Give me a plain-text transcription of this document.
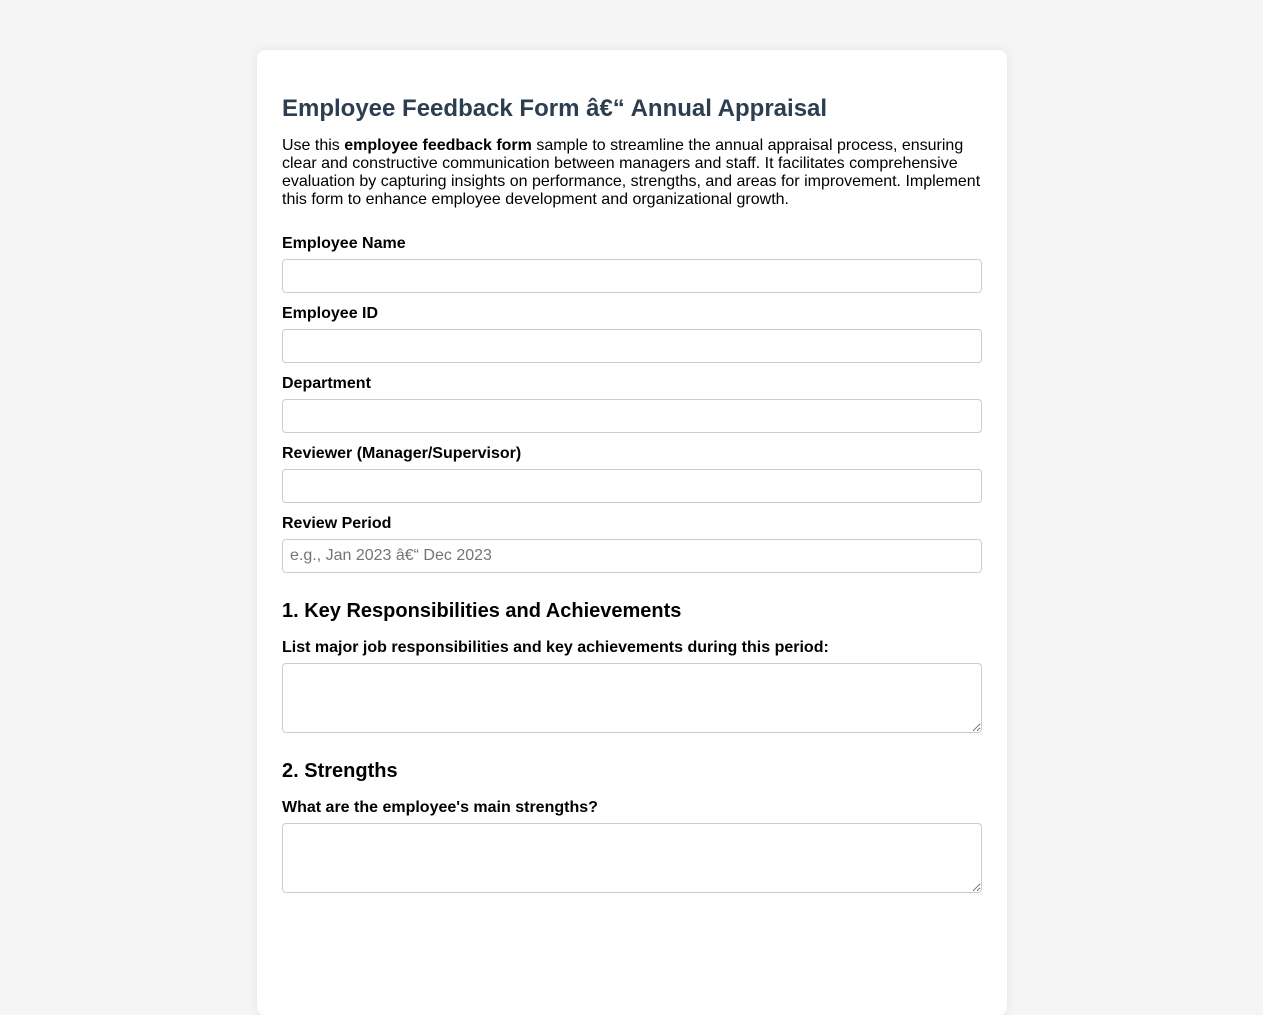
Employee Feedback Form â€“ Annual Appraisal

Use this employee feedback form sample to streamline the annual appraisal process, ensuring clear and constructive communication between managers and staff. It facilitates comprehensive evaluation by capturing insights on performance, strengths, and areas for improvement. Implement this form to enhance employee development and organizational growth.

Employee Name
Employee ID
Department
Reviewer (Manager/Supervisor)
Review Period
e.g., Jan 2023 â€“ Dec 2023
1. Key Responsibilities and Achievements
List major job responsibilities and key achievements during this period:
2. Strengths
What are the employee's main strengths?
